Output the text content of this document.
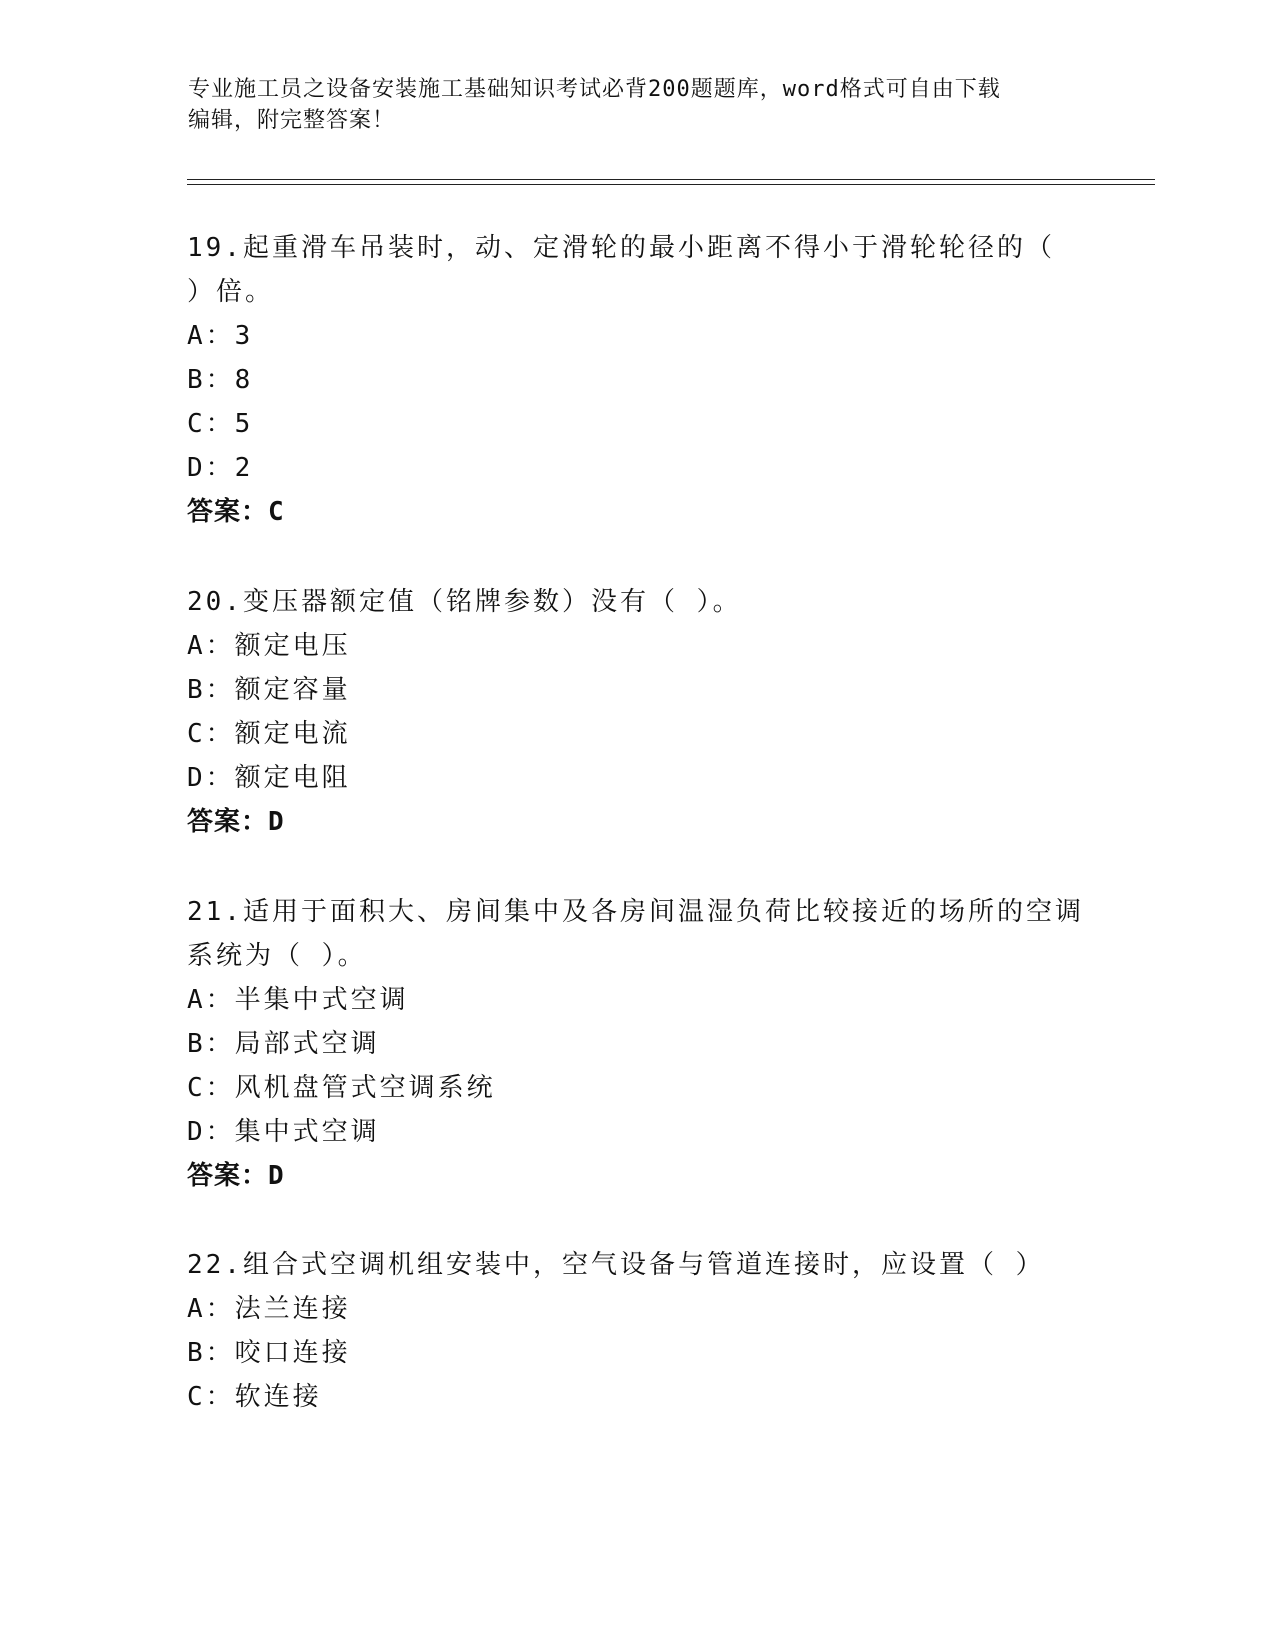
专业施工员之设备安装施工基础知识考试必背200题题库，word格式可自由下载
编辑，附完整答案！
19.起重滑车吊装时，动、定滑轮的最小距离不得小于滑轮轮径的（
）倍。
A：3
B：8
C：5
D：2
答案：C
20.变压器额定值（铭牌参数）没有（ ）。
A：额定电压
B：额定容量
C：额定电流
D：额定电阻
答案：D
21.适用于面积大、房间集中及各房间温湿负荷比较接近的场所的空调
系统为（ ）。
A：半集中式空调
B：局部式空调
C：风机盘管式空调系统
D：集中式空调
答案：D
22.组合式空调机组安装中，空气设备与管道连接时，应设置（ ）
A：法兰连接
B：咬口连接
C：软连接
